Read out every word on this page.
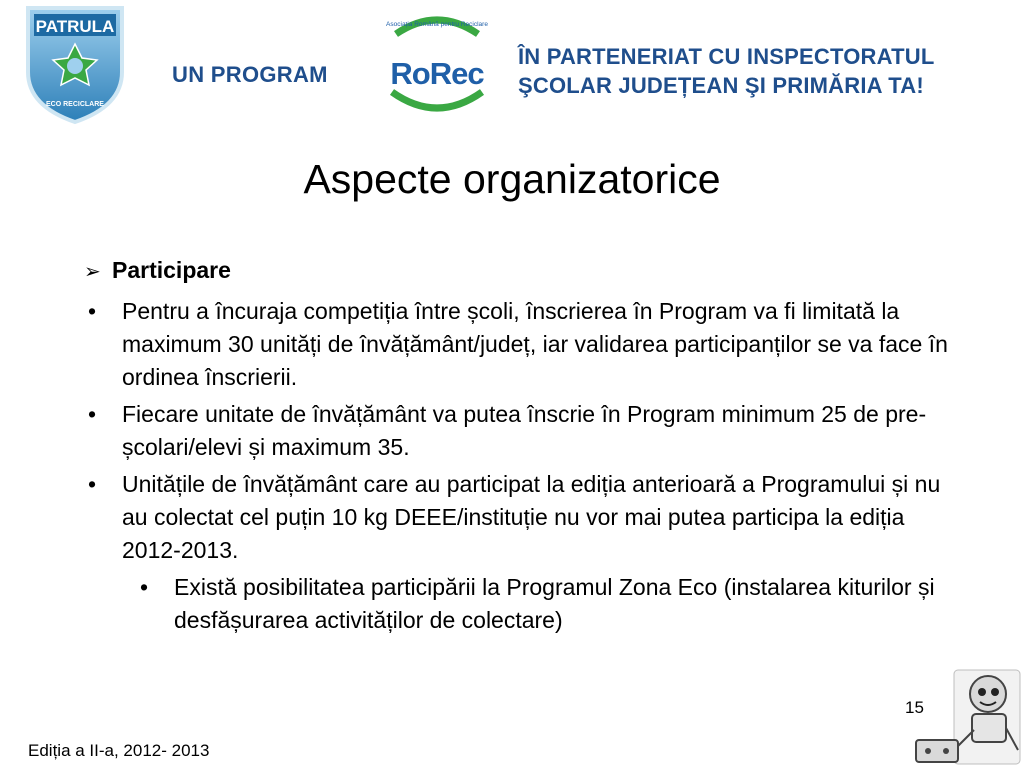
PATRULA
ECO RECICLARE
UN PROGRAM
Asociația Română pentru Reciclare
RoRec ÎN PARTENERIAT CU INSPECTORATUL
ŞCOLAR JUDEȚEAN ŞI PRIMĂRIA TA!
Aspecte organizatorice
➢ Participare
•	Pentru a încuraja competiția între școli, înscrierea în Program va fi limitată la maximum 30 unități de învățământ/județ, iar validarea participanților se va face în ordinea înscrierii.
•	Fiecare unitate de învățământ va putea înscrie în Program minimum 25 de pre-școlari/elevi și maximum 35.
•	Unitățile de învățământ care au participat la ediția anterioară a Programului și nu au colectat cel puțin 10 kg DEEE/instituție nu vor mai putea participa la ediția 2012-2013.
•	Există posibilitatea participării la Programul Zona Eco (instalarea kiturilor și desfășurarea activităților de colectare)
15
Ediția a II-a, 2012- 2013
